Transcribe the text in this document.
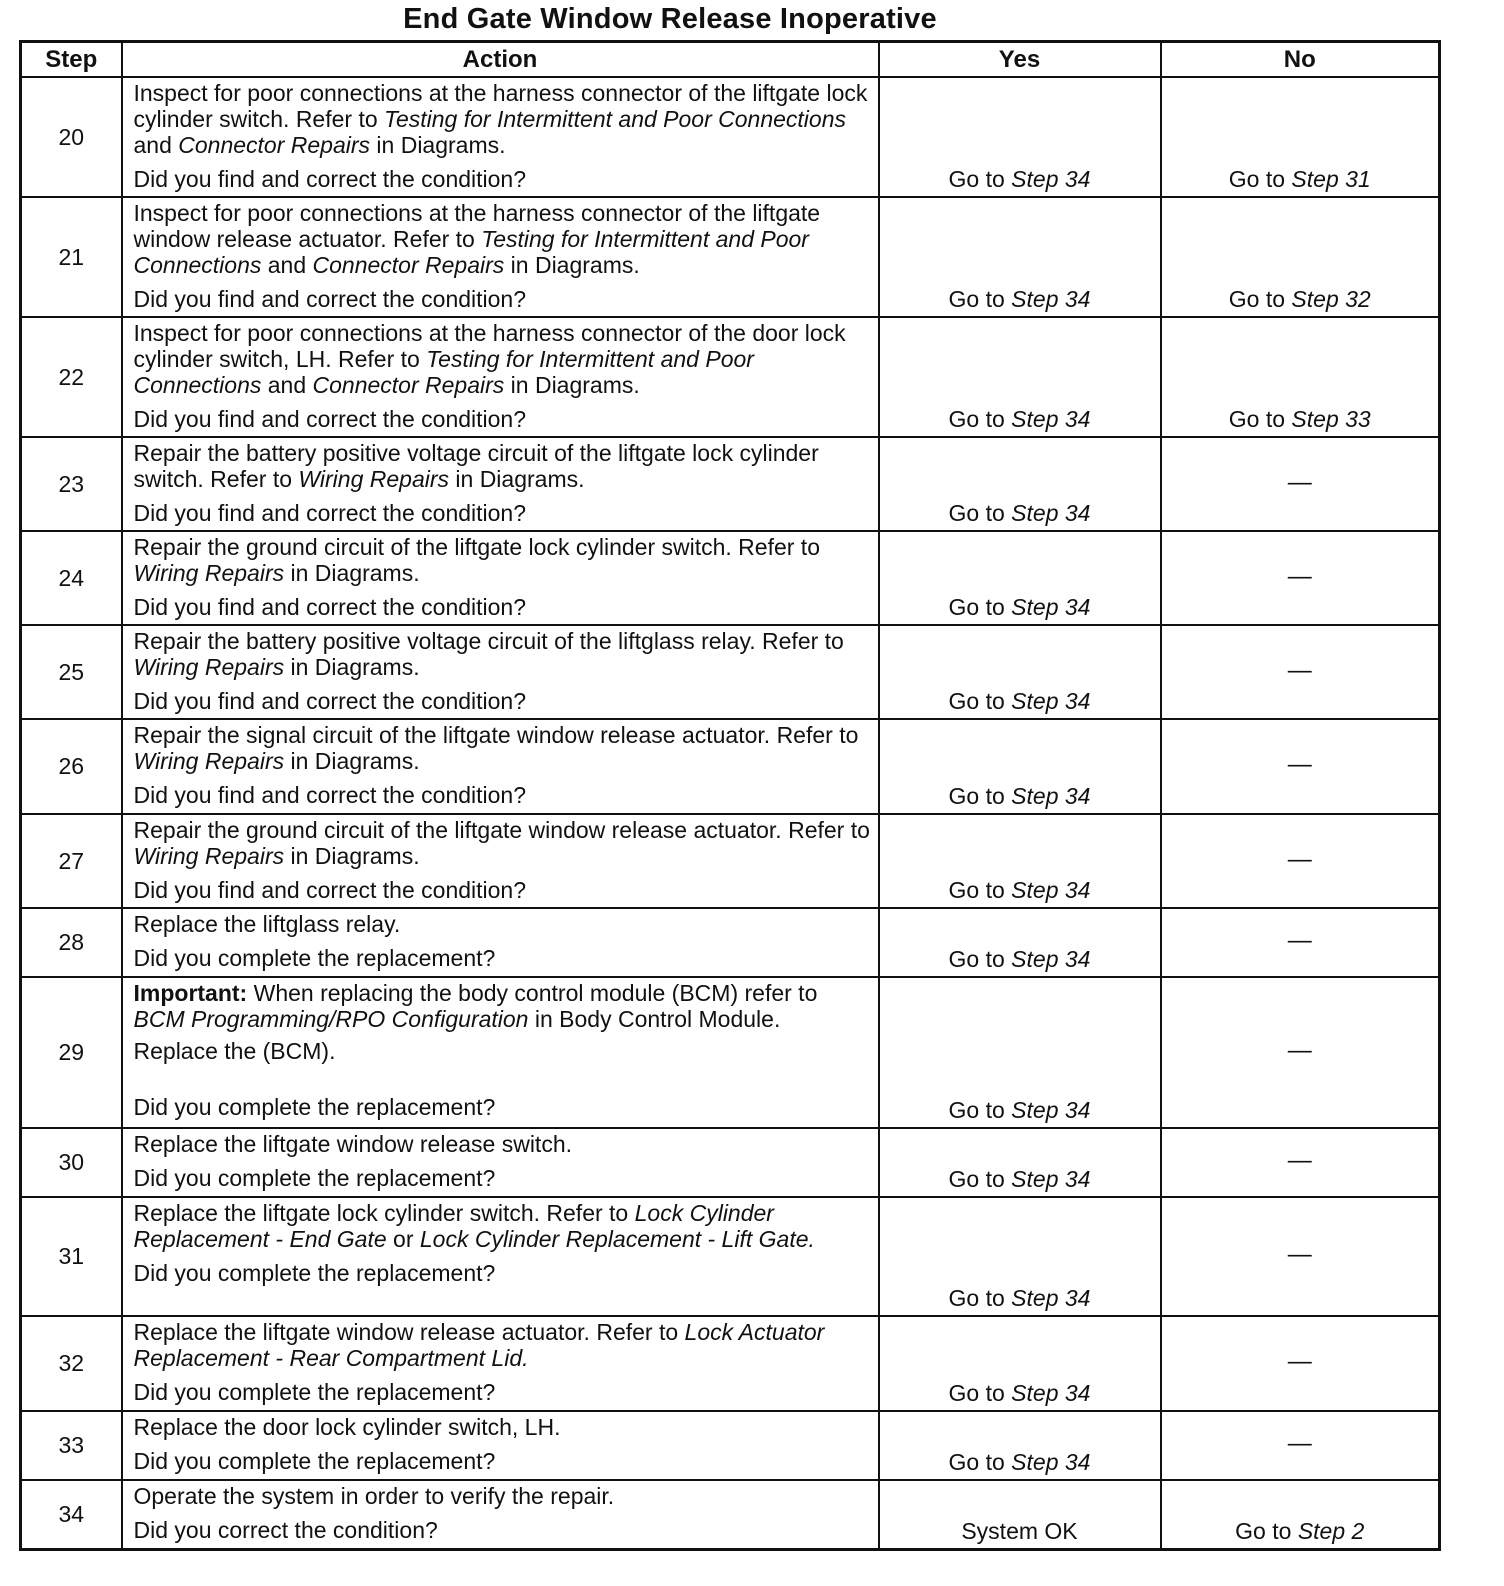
End Gate Window Release Inoperative
Step	Action	Yes	No
20	Inspect for poor connections at the harness connector of the liftgate lock cylinder switch. Refer to Testing for Intermittent and Poor Connections and Connector Repairs in Diagrams.
Did you find and correct the condition?	Go to Step 34	Go to Step 31
21	Inspect for poor connections at the harness connector of the liftgate window release actuator. Refer to Testing for Intermittent and Poor Connections and Connector Repairs in Diagrams.
Did you find and correct the condition?	Go to Step 34	Go to Step 32
22	Inspect for poor connections at the harness connector of the door lock cylinder switch, LH. Refer to Testing for Intermittent and Poor Connections and Connector Repairs in Diagrams.
Did you find and correct the condition?	Go to Step 34	Go to Step 33
23	Repair the battery positive voltage circuit of the liftgate lock cylinder switch. Refer to Wiring Repairs in Diagrams.
Did you find and correct the condition?	Go to Step 34	—
24	Repair the ground circuit of the liftgate lock cylinder switch. Refer to Wiring Repairs in Diagrams.
Did you find and correct the condition?	Go to Step 34	—
25	Repair the battery positive voltage circuit of the liftglass relay. Refer to Wiring Repairs in Diagrams.
Did you find and correct the condition?	Go to Step 34	—
26	Repair the signal circuit of the liftgate window release actuator. Refer to Wiring Repairs in Diagrams.
Did you find and correct the condition?	Go to Step 34	—
27	Repair the ground circuit of the liftgate window release actuator. Refer to Wiring Repairs in Diagrams.
Did you find and correct the condition?	Go to Step 34	—
28	Replace the liftglass relay.
Did you complete the replacement?	Go to Step 34	—
29	Important: When replacing the body control module (BCM) refer to BCM Programming/RPO Configuration in Body Control Module.
Replace the (BCM).
Did you complete the replacement?	Go to Step 34	—
30	Replace the liftgate window release switch.
Did you complete the replacement?	Go to Step 34	—
31	Replace the liftgate lock cylinder switch. Refer to Lock Cylinder Replacement - End Gate or Lock Cylinder Replacement - Lift Gate.
Did you complete the replacement?	Go to Step 34	—
32	Replace the liftgate window release actuator. Refer to Lock Actuator Replacement - Rear Compartment Lid.
Did you complete the replacement?	Go to Step 34	—
33	Replace the door lock cylinder switch, LH.
Did you complete the replacement?	Go to Step 34	—
34	Operate the system in order to verify the repair.
Did you correct the condition?	System OK	Go to Step 2
